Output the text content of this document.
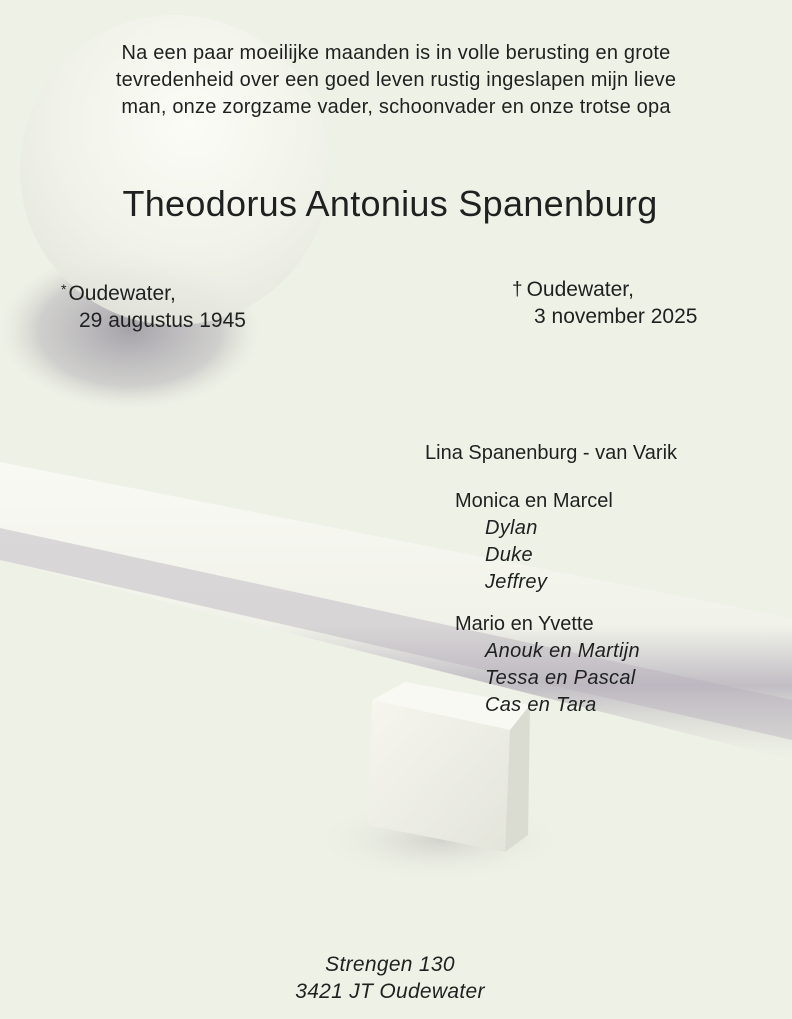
Na een paar moeilijke maanden is in volle berusting en grote
tevredenheid over een goed leven rustig ingeslapen mijn lieve
man, onze zorgzame vader, schoonvader en onze trotse opa
Theodorus Antonius Spanenburg
*Oudewater,
29 augustus 1945
† Oudewater,
3 november 2025
Lina Spanenburg - van Varik
Monica en Marcel
Dylan
Duke
Jeffrey
Mario en Yvette
Anouk en Martijn
Tessa en Pascal
Cas en Tara
Strengen 130
3421 JT Oudewater
